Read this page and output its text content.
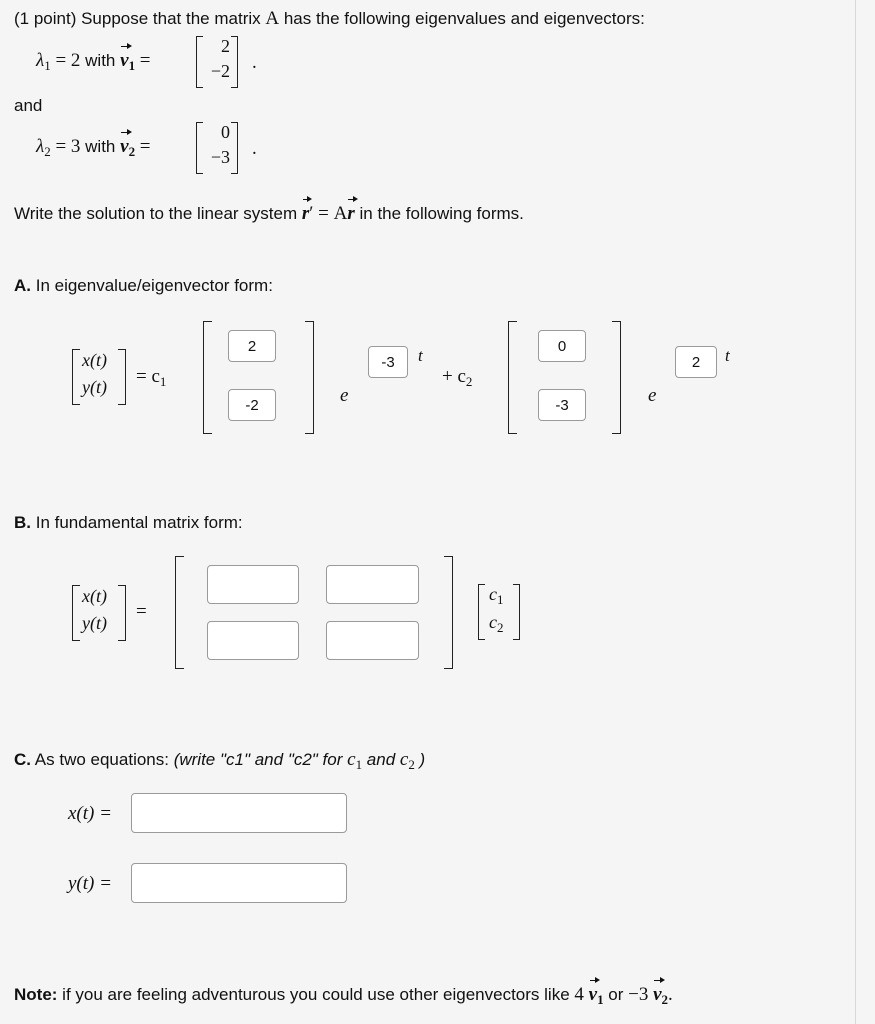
(1 point) Suppose that the matrix A has the following eigenvalues and eigenvectors:
$\lambda_1 = 2$ with $v_1$ =
2
−2 .
and
$\lambda_2 = 3$ with $v_2$ =
0
−3 .
Write the solution to the linear system r′ = Ar in the following forms.
A. In eigenvalue/eigenvector form:
x(t)
$y(t) = c_1$
2
-2	e
-3	t
+ $c_2$
0
-3	e
2	t
B. In fundamental matrix form:
x(t)
y(t)
=
$c_1$
$c_2$
C. As two equations: (write "c1" and "c2" for $c_1$ and $c_2$ )
x(t) =
y(t) =
Note: if you are feeling adventurous you could use other eigenvectors like 4 $v_1$ or −3 $v_2$.
